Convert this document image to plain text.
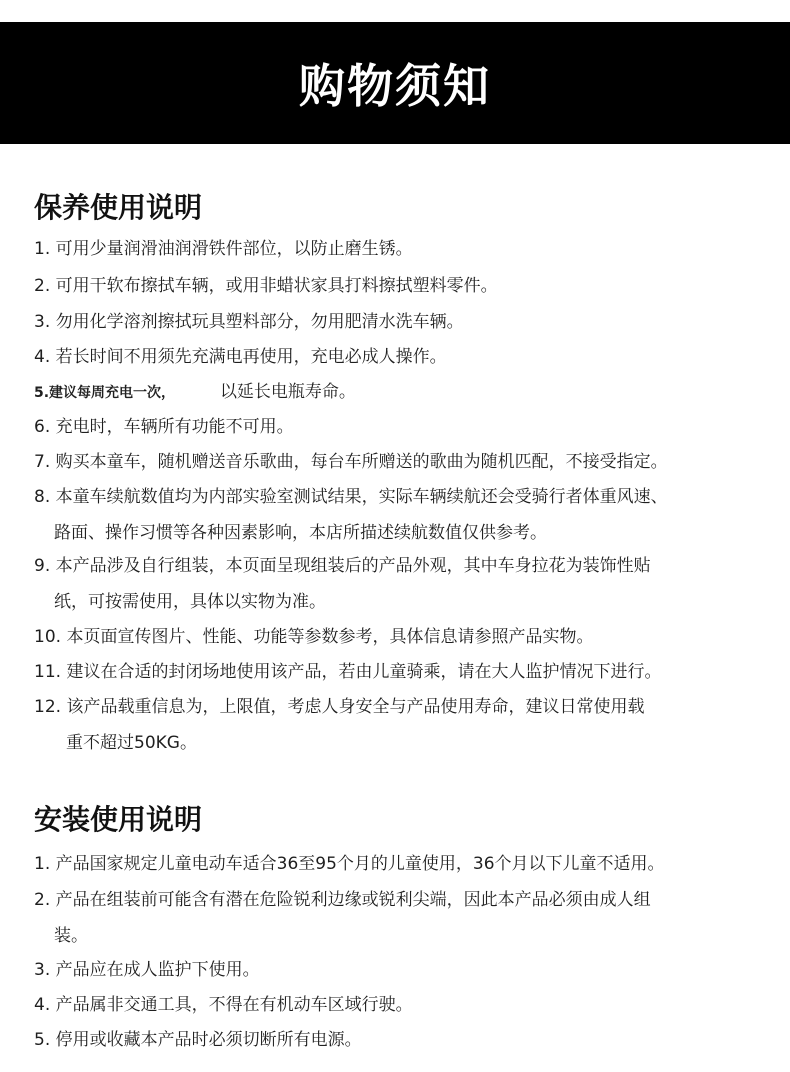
购物须知
保养使用说明
1. 可用少量润滑油润滑铁件部位，以防止磨生锈。
2. 可用干软布擦拭车辆，或用非蜡状家具打料擦拭塑料零件。
3. 勿用化学溶剂擦拭玩具塑料部分，勿用肥清水洗车辆。
4. 若长时间不用须先充满电再使用，充电必成人操作。
5.建议每周充电一次，	以延长电瓶寿命。
6. 充电时，车辆所有功能不可用。
7. 购买本童车，随机赠送音乐歌曲，每台车所赠送的歌曲为随机匹配，不接受指定。
8. 本童车续航数值均为内部实验室测试结果，实际车辆续航还会受骑行者体重风速、
路面、操作习惯等各种因素影响，本店所描述续航数值仅供参考。
9. 本产品涉及自行组装，本页面呈现组装后的产品外观，其中车身拉花为装饰性贴
纸，可按需使用，具体以实物为准。
10. 本页面宣传图片、性能、功能等参数参考，具体信息请参照产品实物。
11. 建议在合适的封闭场地使用该产品，若由儿童骑乘，请在大人监护情况下进行。
12. 该产品载重信息为，上限值，考虑人身安全与产品使用寿命，建议日常使用载
重不超过50KG。
安装使用说明
1. 产品国家规定儿童电动车适合36至95个月的儿童使用，36个月以下儿童不适用。
2. 产品在组装前可能含有潜在危险锐利边缘或锐利尖端，因此本产品必须由成人组
装。
3. 产品应在成人监护下使用。
4. 产品属非交通工具，不得在有机动车区域行驶。
5. 停用或收藏本产品时必须切断所有电源。
